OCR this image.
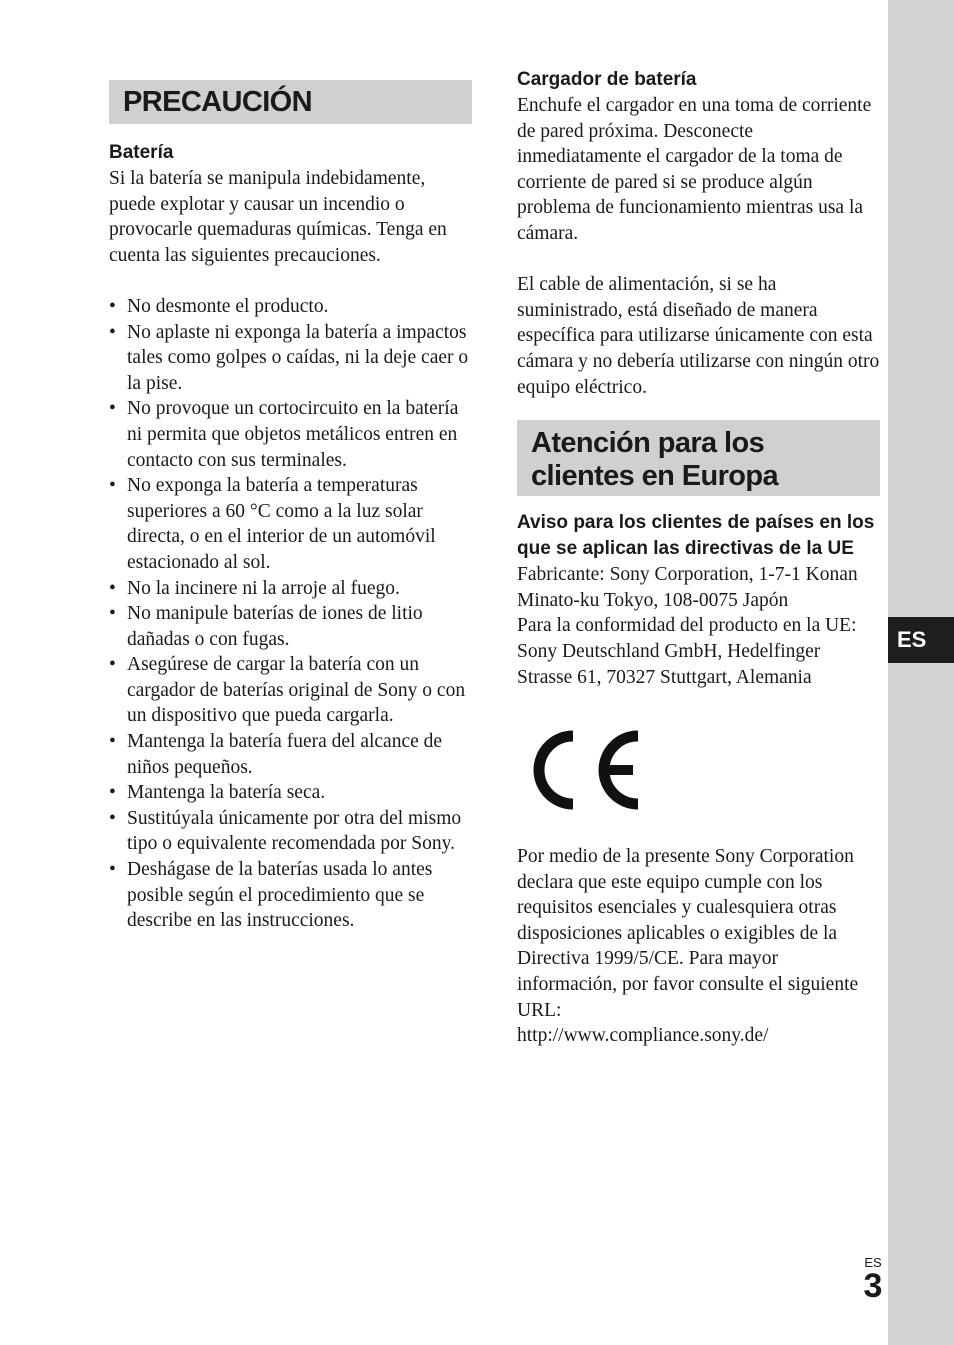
ES
PRECAUCIÓN
Batería

Si la batería se manipula indebidamente, puede explotar y causar un incendio o provocarle quemaduras químicas. Tenga en cuenta las siguientes precauciones.

• No desmonte el producto.
• No aplaste ni exponga la batería a impactos tales como golpes o caídas, ni la deje caer o la pise.
• No provoque un cortocircuito en la batería ni permita que objetos metálicos entren en contacto con sus terminales.
• No exponga la batería a temperaturas superiores a 60 °C como a la luz solar directa, o en el interior de un automóvil estacionado al sol.
• No la incinere ni la arroje al fuego.
• No manipule baterías de iones de litio dañadas o con fugas.
• Asegúrese de cargar la batería con un cargador de baterías original de Sony o con un dispositivo que pueda cargarla.
• Mantenga la batería fuera del alcance de niños pequeños.
• Mantenga la batería seca.
• Sustitúyala únicamente por otra del mismo tipo o equivalente recomendada por Sony.
• Deshágase de la baterías usada lo antes posible según el procedimiento que se describe en las instrucciones.
Cargador de batería

Enchufe el cargador en una toma de corriente de pared próxima. Desconecte inmediatamente el cargador de la toma de corriente de pared si se produce algún problema de funcionamiento mientras usa la cámara.

El cable de alimentación, si se ha suministrado, está diseñado de manera específica para utilizarse únicamente con esta cámara y no debería utilizarse con ningún otro equipo eléctrico.

Atención para los clientes en Europa
Aviso para los clientes de países en los que se aplican las directivas de la UE

Fabricante: Sony Corporation, 1-7-1 Konan

Minato-ku Tokyo, 108-0075 Japón

Para la conformidad del producto en la UE:

Sony Deutschland GmbH, Hedelfinger

Strasse 61, 70327 Stuttgart, Alemania

Por medio de la presente Sony Corporation declara que este equipo cumple con los requisitos esenciales y cualesquiera otras disposiciones aplicables o exigibles de la Directiva 1999/5/CE. Para mayor información, por favor consulte el siguiente URL:

http://www.compliance.sony.de/

ES
3
